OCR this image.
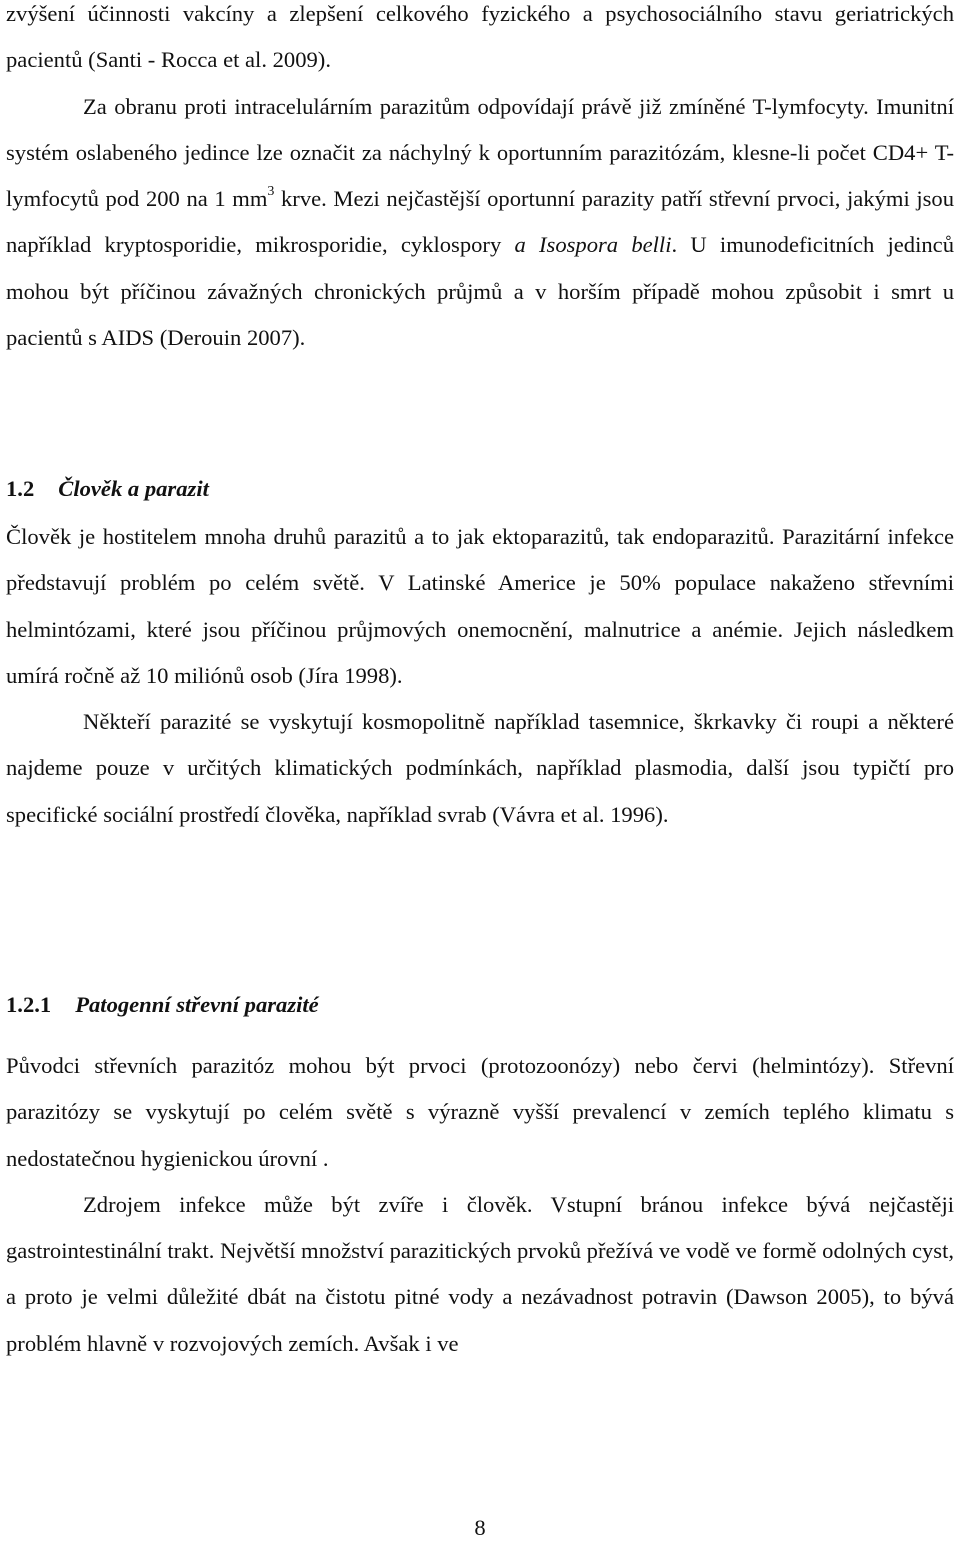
zvýšení účinnosti vakcíny a zlepšení celkového fyzického a psychosociálního stavu geriatrických pacientů (Santi - Rocca et al. 2009).

Za obranu proti intracelulárním parazitům odpovídají právě již zmíněné T-lymfocyty. Imunitní systém oslabeného jedince lze označit za náchylný k oportunním parazitózám, klesne-li počet CD4+ T-lymfocytů pod 200 na 1 $mm^3$ krve. Mezi nejčastější oportunní parazity patří střevní prvoci, jakými jsou například kryptosporidie, mikrosporidie, cyklospory a Isospora belli. U imunodeficitních jedinců mohou být příčinou závažných chronických průjmů a v horším případě mohou způsobit i smrt u pacientů s AIDS (Derouin 2007).

1.2 Člověk a parazit

Člověk je hostitelem mnoha druhů parazitů a to jak ektoparazitů, tak endoparazitů. Parazitární infekce představují problém po celém světě. V Latinské Americe je 50% populace nakaženo střevními helmintózami, které jsou příčinou průjmových onemocnění, malnutrice a anémie. Jejich následkem umírá ročně až 10 miliónů osob (Jíra 1998).

Někteří parazité se vyskytují kosmopolitně například tasemnice, škrkavky či roupi a některé najdeme pouze v určitých klimatických podmínkách, například plasmodia, další jsou typičtí pro specifické sociální prostředí člověka, například svrab (Vávra et al. 1996).

1.2.1 Patogenní střevní parazité

Původci střevních parazitóz mohou být prvoci (protozoonózy) nebo červi (helmintózy). Střevní parazitózy se vyskytují po celém světě s výrazně vyšší prevalencí v zemích teplého klimatu s nedostatečnou hygienickou úrovní .

Zdrojem infekce může být zvíře i člověk. Vstupní bránou infekce bývá nejčastěji gastrointestinální trakt. Největší množství parazitických prvoků přežívá ve vodě ve formě odolných cyst, a proto je velmi důležité dbát na čistotu pitné vody a nezávadnost potravin (Dawson 2005), to bývá problém hlavně v rozvojových zemích. Avšak i ve

8
